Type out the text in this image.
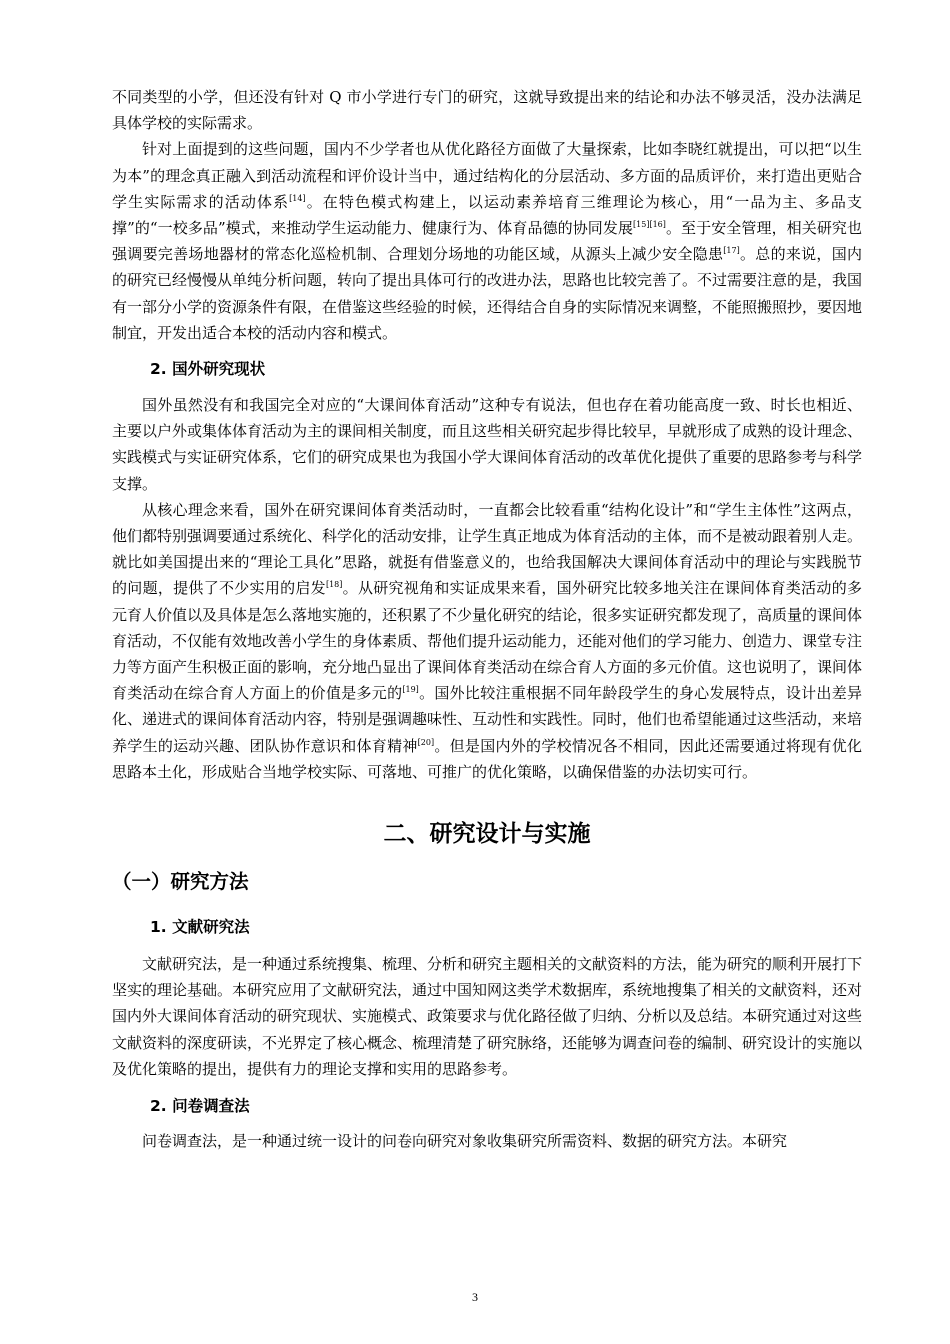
不同类型的小学，但还没有针对 Q 市小学进行专门的研究，这就导致提出来的结论和办法不够灵活，没办法满足具体学校的实际需求。

针对上面提到的这些问题，国内不少学者也从优化路径方面做了大量探索，比如李晓红就提出，可以把“以生为本”的理念真正融入到活动流程和评价设计当中，通过结构化的分层活动、多方面的品质评价，来打造出更贴合学生实际需求的活动体系[14]。在特色模式构建上，以运动素养培育三维理论为核心，用“一品为主、多品支撑”的“一校多品”模式，来推动学生运动能力、健康行为、体育品德的协同发展[15][16]。至于安全管理，相关研究也强调要完善场地器材的常态化巡检机制、合理划分场地的功能区域，从源头上减少安全隐患[17]。总的来说，国内的研究已经慢慢从单纯分析问题，转向了提出具体可行的改进办法，思路也比较完善了。不过需要注意的是，我国有一部分小学的资源条件有限，在借鉴这些经验的时候，还得结合自身的实际情况来调整，不能照搬照抄，要因地制宜，开发出适合本校的活动内容和模式。

2. 国外研究现状

国外虽然没有和我国完全对应的“大课间体育活动”这种专有说法，但也存在着功能高度一致、时长也相近、主要以户外或集体体育活动为主的课间相关制度，而且这些相关研究起步得比较早，早就形成了成熟的设计理念、实践模式与实证研究体系，它们的研究成果也为我国小学大课间体育活动的改革优化提供了重要的思路参考与科学支撑。

从核心理念来看，国外在研究课间体育类活动时，一直都会比较看重“结构化设计”和“学生主体性”这两点，他们都特别强调要通过系统化、科学化的活动安排，让学生真正地成为体育活动的主体，而不是被动跟着别人走。就比如美国提出来的“理论工具化”思路，就挺有借鉴意义的，也给我国解决大课间体育活动中的理论与实践脱节的问题，提供了不少实用的启发[18]。从研究视角和实证成果来看，国外研究比较多地关注在课间体育类活动的多元育人价值以及具体是怎么落地实施的，还积累了不少量化研究的结论，很多实证研究都发现了，高质量的课间体育活动，不仅能有效地改善小学生的身体素质、帮他们提升运动能力，还能对他们的学习能力、创造力、课堂专注力等方面产生积极正面的影响，充分地凸显出了课间体育类活动在综合育人方面的多元价值。这也说明了，课间体育类活动在综合育人方面上的价值是多元的[19]。国外比较注重根据不同年龄段学生的身心发展特点，设计出差异化、递进式的课间体育活动内容，特别是强调趣味性、互动性和实践性。同时，他们也希望能通过这些活动，来培养学生的运动兴趣、团队协作意识和体育精神[20]。但是国内外的学校情况各不相同，因此还需要通过将现有优化思路本土化，形成贴合当地学校实际、可落地、可推广的优化策略，以确保借鉴的办法切实可行。

二、研究设计与实施
（一）研究方法
1. 文献研究法

文献研究法，是一种通过系统搜集、梳理、分析和研究主题相关的文献资料的方法，能为研究的顺利开展打下坚实的理论基础。本研究应用了文献研究法，通过中国知网这类学术数据库，系统地搜集了相关的文献资料，还对国内外大课间体育活动的研究现状、实施模式、政策要求与优化路径做了归纳、分析以及总结。本研究通过对这些文献资料的深度研读，不光界定了核心概念、梳理清楚了研究脉络，还能够为调查问卷的编制、研究设计的实施以及优化策略的提出，提供有力的理论支撑和实用的思路参考。

2. 问卷调查法

问卷调查法，是一种通过统一设计的问卷向研究对象收集研究所需资料、数据的研究方法。本研究

3
